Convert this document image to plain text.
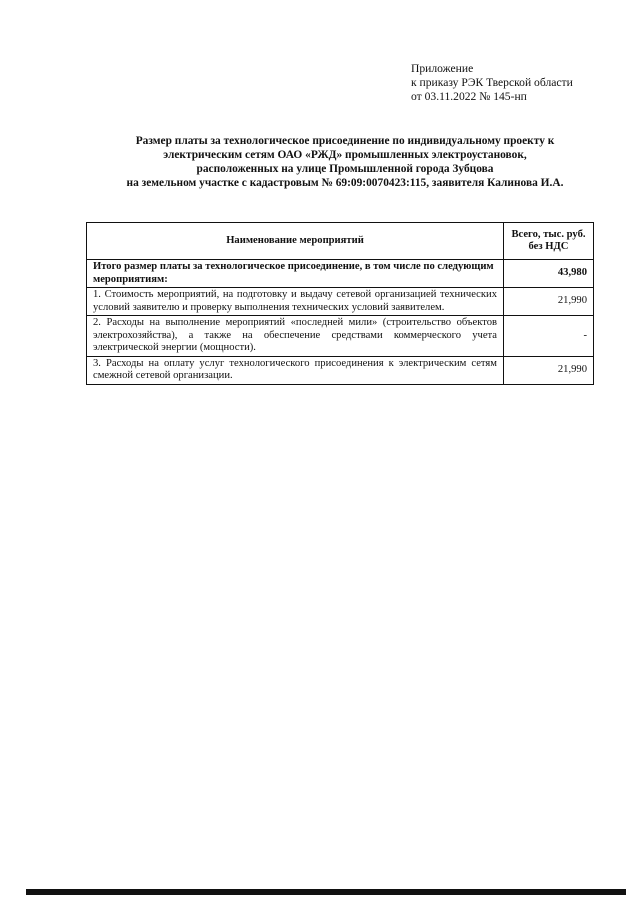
Приложение
к приказу РЭК Тверской области
от 03.11.2022 № 145-нп
Размер платы за технологическое присоединение по индивидуальному проекту к
электрическим сетям ОАО «РЖД» промышленных электроустановок,
расположенных на улице Промышленной города Зубцова
на земельном участке с кадастровым № 69:09:0070423:115, заявителя Калинова И.А.
Наименование мероприятий	Всего, тыс. руб. без НДС
Итого размер платы за технологическое присоединение, в том числе по следующим мероприятиям:	43,980
1. Стоимость мероприятий, на подготовку и выдачу сетевой организацией технических условий заявителю и проверку выполнения технических условий заявителем.	21,990
2. Расходы на выполнение мероприятий «последней мили» (строительство объектов электрохозяйства), а также на обеспечение средствами коммерческого учета электрической энергии (мощности).	-
3. Расходы на оплату услуг технологического присоединения к электрическим сетям смежной сетевой организации.	21,990
